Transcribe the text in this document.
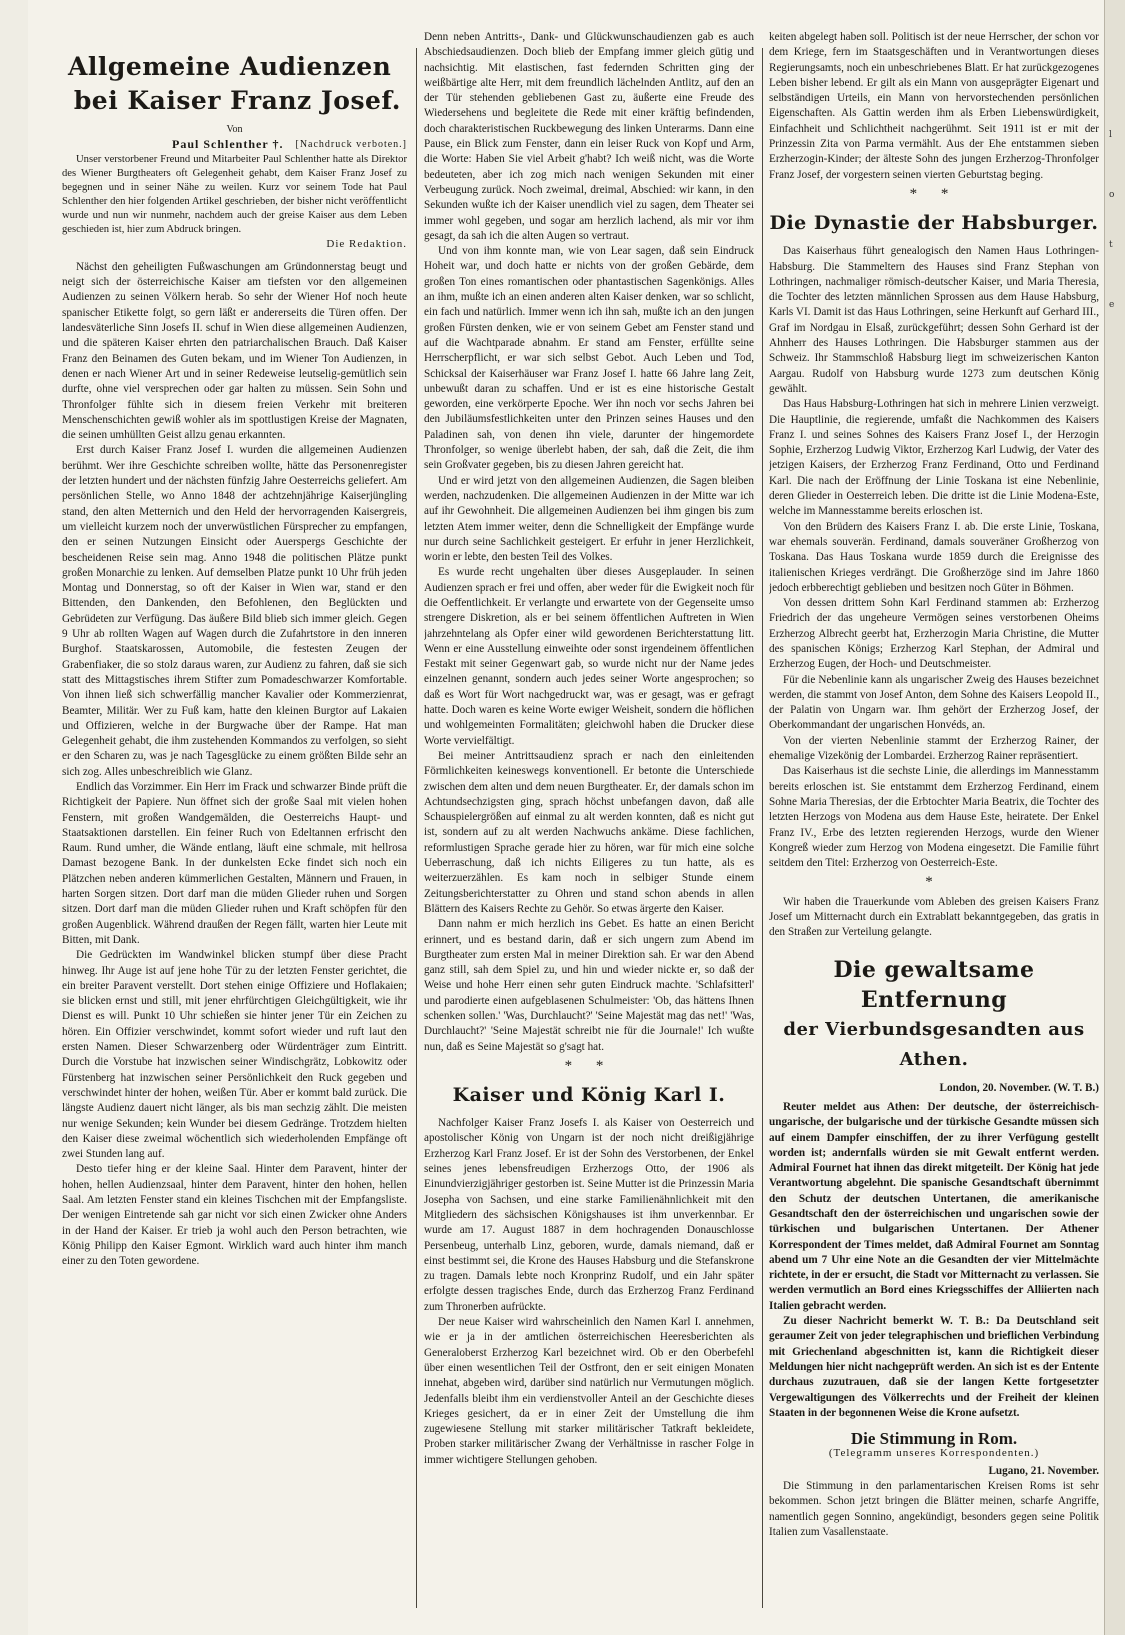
Allgemeine Audienzen
bei Kaiser Franz Josef.
Von
Paul Schlenther †. [Nachdruck verboten.]

Unser verstorbener Freund und Mitarbeiter Paul Schlenther hatte als Direktor des Wiener Burgtheaters oft Gelegenheit gehabt, dem Kaiser Franz Josef zu begegnen und in seiner Nähe zu weilen. Kurz vor seinem Tode hat Paul Schlenther den hier folgenden Artikel geschrieben, der bisher nicht veröffentlicht wurde und nun wir nunmehr, nachdem auch der greise Kaiser aus dem Leben geschieden ist, hier zum Abdruck bringen.

Die Redaktion.

Nächst den geheiligten Fußwaschungen am Gründonnerstag beugt und neigt sich der österreichische Kaiser am tiefsten vor den allgemeinen Audienzen zu seinen Völkern herab. So sehr der Wiener Hof noch heute spanischer Etikette folgt, so gern läßt er andererseits die Türen offen. Der landesväterliche Sinn Josefs II. schuf in Wien diese allgemeinen Audienzen, und die späteren Kaiser ehrten den patriarchalischen Brauch. Daß Kaiser Franz den Beinamen des Guten bekam, und im Wiener Ton Audienzen, in denen er nach Wiener Art und in seiner Redeweise leutselig-gemütlich sein durfte, ohne viel versprechen oder gar halten zu müssen. Sein Sohn und Thronfolger fühlte sich in diesem freien Verkehr mit breiteren Menschenschichten gewiß wohler als im spottlustigen Kreise der Magnaten, die seinen umhüllten Geist allzu genau erkannten.

Erst durch Kaiser Franz Josef I. wurden die allgemeinen Audienzen berühmt. Wer ihre Geschichte schreiben wollte, hätte das Personenregister der letzten hundert und der nächsten fünfzig Jahre Oesterreichs geliefert. Am persönlichen Stelle, wo Anno 1848 der achtzehnjährige Kaiserjüngling stand, den alten Metternich und den Held der hervorragenden Kaisergreis, um vielleicht kurzem noch der unverwüstlichen Fürsprecher zu empfangen, den er seinen Nutzungen Einsicht oder Auerspergs Geschichte der bescheidenen Reise sein mag. Anno 1948 die politischen Plätze punkt großen Monarchie zu lenken. Auf demselben Platze punkt 10 Uhr früh jeden Montag und Donnerstag, so oft der Kaiser in Wien war, stand er den Bittenden, den Dankenden, den Befohlenen, den Beglückten und Gebrüdeten zur Verfügung. Das äußere Bild blieb sich immer gleich. Gegen 9 Uhr ab rollten Wagen auf Wagen durch die Zufahrtstore in den inneren Burghof. Staatskarossen, Automobile, die festesten Zeugen der Grabenfiaker, die so stolz daraus waren, zur Audienz zu fahren, daß sie sich statt des Mittagstisches ihrem Stifter zum Pomadeschwarzer Komfortable. Von ihnen ließ sich schwerfällig mancher Kavalier oder Kommerzienrat, Beamter, Militär. Wer zu Fuß kam, hatte den kleinen Burgtor auf Lakaien und Offizieren, welche in der Burgwache über der Rampe. Hat man Gelegenheit gehabt, die ihm zustehenden Kommandos zu verfolgen, so sieht er den Scharen zu, was je nach Tagesglücke zu einem größten Bilde sehr an sich zog. Alles unbeschreiblich wie Glanz.

Endlich das Vorzimmer. Ein Herr im Frack und schwarzer Binde prüft die Richtigkeit der Papiere. Nun öffnet sich der große Saal mit vielen hohen Fenstern, mit großen Wandgemälden, die Oesterreichs Haupt- und Staatsaktionen darstellen. Ein feiner Ruch von Edeltannen erfrischt den Raum. Rund umher, die Wände entlang, läuft eine schmale, mit hellrosa Damast bezogene Bank. In der dunkelsten Ecke findet sich noch ein Plätzchen neben anderen kümmerlichen Gestalten, Männern und Frauen, in harten Sorgen sitzen. Dort darf man die müden Glieder ruhen und Sorgen sitzen. Dort darf man die müden Glieder ruhen und Kraft schöpfen für den großen Augenblick. Während draußen der Regen fällt, warten hier Leute mit Bitten, mit Dank.

Die Gedrückten im Wandwinkel blicken stumpf über diese Pracht hinweg. Ihr Auge ist auf jene hohe Tür zu der letzten Fenster gerichtet, die ein breiter Paravent verstellt. Dort stehen einige Offiziere und Hoflakaien; sie blicken ernst und still, mit jener ehrfürchtigen Gleichgültigkeit, wie ihr Dienst es will. Punkt 10 Uhr schießen sie hinter jener Tür ein Zeichen zu hören. Ein Offizier verschwindet, kommt sofort wieder und ruft laut den ersten Namen. Dieser Schwarzenberg oder Würdenträger zum Eintritt. Durch die Vorstube hat inzwischen seiner Windischgrätz, Lobkowitz oder Fürstenberg hat inzwischen seiner Persönlichkeit den Ruck gegeben und verschwindet hinter der hohen, weißen Tür. Aber er kommt bald zurück. Die längste Audienz dauert nicht länger, als bis man sechzig zählt. Die meisten nur wenige Sekunden; kein Wunder bei diesem Gedränge. Trotzdem hielten den Kaiser diese zweimal wöchentlich sich wiederholenden Empfänge oft zwei Stunden lang auf.

Desto tiefer hing er der kleine Saal. Hinter dem Paravent, hinter der hohen, hellen Audienzsaal, hinter dem Paravent, hinter den hohen, hellen Saal. Am letzten Fenster stand ein kleines Tischchen mit der Empfangsliste. Der wenigen Eintretende sah gar nicht vor sich einen Zwicker ohne Anders in der Hand der Kaiser. Er trieb ja wohl auch den Person betrachten, wie König Philipp den Kaiser Egmont. Wirklich ward auch hinter ihm manch einer zu den Toten gewordene.

Denn neben Antritts-, Dank- und Glückwunschaudienzen gab es auch Abschiedsaudienzen. Doch blieb der Empfang immer gleich gütig und nachsichtig. Mit elastischen, fast federnden Schritten ging der weißbärtige alte Herr, mit dem freundlich lächelnden Antlitz, auf den an der Tür stehenden gebliebenen Gast zu, äußerte eine Freude des Wiedersehens und begleitete die Rede mit einer kräftig befindenden, doch charakteristischen Ruckbewegung des linken Unterarms. Dann eine Pause, ein Blick zum Fenster, dann ein leiser Ruck von Kopf und Arm, die Worte: Haben Sie viel Arbeit g'habt? Ich weiß nicht, was die Worte bedeuteten, aber ich zog mich nach wenigen Sekunden mit einer Verbeugung zurück. Noch zweimal, dreimal, Abschied: wir kann, in den Sekunden wußte ich der Kaiser unendlich viel zu sagen, dem Theater sei immer wohl gegeben, und sogar am herzlich lachend, als mir vor ihm gesagt, da sah ich die alten Augen so vertraut.

Und von ihm konnte man, wie von Lear sagen, daß sein Eindruck Hoheit war, und doch hatte er nichts von der großen Gebärde, dem großen Ton eines romantischen oder phantastischen Sagenkönigs. Alles an ihm, mußte ich an einen anderen alten Kaiser denken, war so schlicht, ein fach und natürlich. Immer wenn ich ihn sah, mußte ich an den jungen großen Fürsten denken, wie er von seinem Gebet am Fenster stand und auf die Wachtparade abnahm. Er stand am Fenster, erfüllte seine Herrscherpflicht, er war sich selbst Gebot. Auch Leben und Tod, Schicksal der Kaiserhäuser war Franz Josef I. hatte 66 Jahre lang Zeit, unbewußt daran zu schaffen. Und er ist es eine historische Gestalt geworden, eine verkörperte Epoche. Wer ihn noch vor sechs Jahren bei den Jubiläumsfestlichkeiten unter den Prinzen seines Hauses und den Paladinen sah, von denen ihn viele, darunter der hingemordete Thronfolger, so wenige überlebt haben, der sah, daß die Zeit, die ihm sein Großvater gegeben, bis zu diesen Jahren gereicht hat.

Und er wird jetzt von den allgemeinen Audienzen, die Sagen bleiben werden, nachzudenken. Die allgemeinen Audienzen in der Mitte war ich auf ihr Gewohnheit. Die allgemeinen Audienzen bei ihm gingen bis zum letzten Atem immer weiter, denn die Schnelligkeit der Empfänge wurde nur durch seine Sachlichkeit gesteigert. Er erfuhr in jener Herzlichkeit, worin er lebte, den besten Teil des Volkes.

Es wurde recht ungehalten über dieses Ausgeplauder. In seinen Audienzen sprach er frei und offen, aber weder für die Ewigkeit noch für die Oeffentlichkeit. Er verlangte und erwartete von der Gegenseite umso strengere Diskretion, als er bei seinem öffentlichen Auftreten in Wien jahrzehntelang als Opfer einer wild gewordenen Berichterstattung litt. Wenn er eine Ausstellung einweihte oder sonst irgendeinem öffentlichen Festakt mit seiner Gegenwart gab, so wurde nicht nur der Name jedes einzelnen genannt, sondern auch jedes seiner Worte angesprochen; so daß es Wort für Wort nachgedruckt war, was er gesagt, was er gefragt hatte. Doch waren es keine Worte ewiger Weisheit, sondern die höflichen und wohlgemeinten Formalitäten; gleichwohl haben die Drucker diese Worte vervielfältigt.

Bei meiner Antrittsaudienz sprach er nach den einleitenden Förmlichkeiten keineswegs konventionell. Er betonte die Unterschiede zwischen dem alten und dem neuen Burgtheater. Er, der damals schon im Achtundsechzigsten ging, sprach höchst unbefangen davon, daß alle Schauspielergrößen auf einmal zu alt werden konnten, daß es nicht gut ist, sondern auf zu alt werden Nachwuchs ankäme. Diese fachlichen, reformlustigen Sprache gerade hier zu hören, war für mich eine solche Ueberraschung, daß ich nichts Eiligeres zu tun hatte, als es weiterzuerzählen. Es kam noch in selbiger Stunde einem Zeitungsberichterstatter zu Ohren und stand schon abends in allen Blättern des Kaisers Rechte zu Gehör. So etwas ärgerte den Kaiser.

Dann nahm er mich herzlich ins Gebet. Es hatte an einen Bericht erinnert, und es bestand darin, daß er sich ungern zum Abend im Burgtheater zum ersten Mal in meiner Direktion sah. Er war den Abend ganz still, sah dem Spiel zu, und hin und wieder nickte er, so daß der Weise und hohe Herr einen sehr guten Eindruck machte. 'Schlafsitterl' und parodierte einen aufgeblasenen Schulmeister: 'Ob, das hättens Ihnen schenken sollen.' 'Was, Durchlaucht?' 'Seine Majestät mag das net!' 'Was, Durchlaucht?' 'Seine Majestät schreibt nie für die Journale!' Ich wußte nun, daß es Seine Majestät so g'sagt hat.

* *
Kaiser und König Karl I.

Nachfolger Kaiser Franz Josefs I. als Kaiser von Oesterreich und apostolischer König von Ungarn ist der noch nicht dreißigjährige Erzherzog Karl Franz Josef. Er ist der Sohn des Verstorbenen, der Enkel seines jenes lebensfreudigen Erzherzogs Otto, der 1906 als Einundvierzigjähriger gestorben ist. Seine Mutter ist die Prinzessin Maria Josepha von Sachsen, und eine starke Familienähnlichkeit mit den Mitgliedern des sächsischen Königshauses ist ihm unverkennbar. Er wurde am 17. August 1887 in dem hochragenden Donauschlosse Persenbeug, unterhalb Linz, geboren, wurde, damals niemand, daß er einst bestimmt sei, die Krone des Hauses Habsburg und die Stefanskrone zu tragen. Damals lebte noch Kronprinz Rudolf, und ein Jahr später erfolgte dessen tragisches Ende, durch das Erzherzog Franz Ferdinand zum Thronerben aufrückte.

Der neue Kaiser wird wahrscheinlich den Namen Karl I. annehmen, wie er ja in der amtlichen österreichischen Heeresberichten als Generaloberst Erzherzog Karl bezeichnet wird. Ob er den Oberbefehl über einen wesentlichen Teil der Ostfront, den er seit einigen Monaten innehat, abgeben wird, darüber sind natürlich nur Vermutungen möglich. Jedenfalls bleibt ihm ein verdienstvoller Anteil an der Geschichte dieses Krieges gesichert, da er in einer Zeit der Umstellung die ihm zugewiesene Stellung mit starker militärischer Tatkraft bekleidete, Proben starker militärischer Zwang der Verhältnisse in rascher Folge in immer wichtigere Stellungen gehoben.

keiten abgelegt haben soll. Politisch ist der neue Herrscher, der schon vor dem Kriege, fern im Staatsgeschäften und in Verantwortungen dieses Regierungsamts, noch ein unbeschriebenes Blatt. Er hat zurückgezogenes Leben bisher lebend. Er gilt als ein Mann von ausgeprägter Eigenart und selbständigen Urteils, ein Mann von hervorstechenden persönlichen Eigenschaften. Als Gattin werden ihm als Erben Liebenswürdigkeit, Einfachheit und Schlichtheit nachgerühmt. Seit 1911 ist er mit der Prinzessin Zita von Parma vermählt. Aus der Ehe entstammen sieben Erzherzogin-Kinder; der älteste Sohn des jungen Erzherzog-Thronfolger Franz Josef, der vorgestern seinen vierten Geburtstag beging.

* *
Die Dynastie der Habsburger.

Das Kaiserhaus führt genealogisch den Namen Haus Lothringen-Habsburg. Die Stammeltern des Hauses sind Franz Stephan von Lothringen, nachmaliger römisch-deutscher Kaiser, und Maria Theresia, die Tochter des letzten männlichen Sprossen aus dem Hause Habsburg, Karls VI. Damit ist das Haus Lothringen, seine Herkunft auf Gerhard III., Graf im Nordgau in Elsaß, zurückgeführt; dessen Sohn Gerhard ist der Ahnherr des Hauses Lothringen. Die Habsburger stammen aus der Schweiz. Ihr Stammschloß Habsburg liegt im schweizerischen Kanton Aargau. Rudolf von Habsburg wurde 1273 zum deutschen König gewählt.

Das Haus Habsburg-Lothringen hat sich in mehrere Linien verzweigt. Die Hauptlinie, die regierende, umfaßt die Nachkommen des Kaisers Franz I. und seines Sohnes des Kaisers Franz Josef I., der Herzogin Sophie, Erzherzog Ludwig Viktor, Erzherzog Karl Ludwig, der Vater des jetzigen Kaisers, der Erzherzog Franz Ferdinand, Otto und Ferdinand Karl. Die nach der Eröffnung der Linie Toskana ist eine Nebenlinie, deren Glieder in Oesterreich leben. Die dritte ist die Linie Modena-Este, welche im Mannesstamme bereits erloschen ist.

Von den Brüdern des Kaisers Franz I. ab. Die erste Linie, Toskana, war ehemals souverän. Ferdinand, damals souveräner Großherzog von Toskana. Das Haus Toskana wurde 1859 durch die Ereignisse des italienischen Krieges verdrängt. Die Großherzöge sind im Jahre 1860 jedoch erbberechtigt geblieben und besitzen noch Güter in Böhmen.

Von dessen drittem Sohn Karl Ferdinand stammen ab: Erzherzog Friedrich der das ungeheure Vermögen seines verstorbenen Oheims Erzherzog Albrecht geerbt hat, Erzherzogin Maria Christine, die Mutter des spanischen Königs; Erzherzog Karl Stephan, der Admiral und Erzherzog Eugen, der Hoch- und Deutschmeister.

Für die Nebenlinie kann als ungarischer Zweig des Hauses bezeichnet werden, die stammt von Josef Anton, dem Sohne des Kaisers Leopold II., der Palatin von Ungarn war. Ihm gehört der Erzherzog Josef, der Oberkommandant der ungarischen Honvéds, an.

Von der vierten Nebenlinie stammt der Erzherzog Rainer, der ehemalige Vizekönig der Lombardei. Erzherzog Rainer repräsentiert.

Das Kaiserhaus ist die sechste Linie, die allerdings im Mannesstamm bereits erloschen ist. Sie entstammt dem Erzherzog Ferdinand, einem Sohne Maria Theresias, der die Erbtochter Maria Beatrix, die Tochter des letzten Herzogs von Modena aus dem Hause Este, heiratete. Der Enkel Franz IV., Erbe des letzten regierenden Herzogs, wurde den Wiener Kongreß wieder zum Herzog von Modena eingesetzt. Die Familie führt seitdem den Titel: Erzherzog von Oesterreich-Este.

*

Wir haben die Trauerkunde vom Ableben des greisen Kaisers Franz Josef um Mitternacht durch ein Extrablatt bekanntgegeben, das gratis in den Straßen zur Verteilung gelangte.

Die gewaltsame Entfernung
der Vierbundsgesandten aus Athen.
London, 20. November. (W. T. B.)

Reuter meldet aus Athen: Der deutsche, der österreichisch-ungarische, der bulgarische und der türkische Gesandte müssen sich auf einem Dampfer einschiffen, der zu ihrer Verfügung gestellt worden ist; andernfalls würden sie mit Gewalt entfernt werden. Admiral Fournet hat ihnen das direkt mitgeteilt. Der König hat jede Verantwortung abgelehnt. Die spanische Gesandtschaft übernimmt den Schutz der deutschen Untertanen, die amerikanische Gesandtschaft den der österreichischen und ungarischen sowie der türkischen und bulgarischen Untertanen. Der Athener Korrespondent der Times meldet, daß Admiral Fournet am Sonntag abend um 7 Uhr eine Note an die Gesandten der vier Mittelmächte richtete, in der er ersucht, die Stadt vor Mitternacht zu verlassen. Sie werden vermutlich an Bord eines Kriegsschiffes der Alliierten nach Italien gebracht werden.

Zu dieser Nachricht bemerkt W. T. B.: Da Deutschland seit geraumer Zeit von jeder telegraphischen und brieflichen Verbindung mit Griechenland abgeschnitten ist, kann die Richtigkeit dieser Meldungen hier nicht nachgeprüft werden. An sich ist es der Entente durchaus zuzutrauen, daß sie der langen Kette fortgesetzter Vergewaltigungen des Völkerrechts und der Freiheit der kleinen Staaten in der begonnenen Weise die Krone aufsetzt.

Die Stimmung in Rom.
(Telegramm unseres Korrespondenten.)
Lugano, 21. November.

Die Stimmung in den parlamentarischen Kreisen Roms ist sehr bekommen. Schon jetzt bringen die Blätter meinen, scharfe Angriffe, namentlich gegen Sonnino, angekündigt, besonders gegen seine Politik Italien zum Vasallenstaate.

l
o
t
e
